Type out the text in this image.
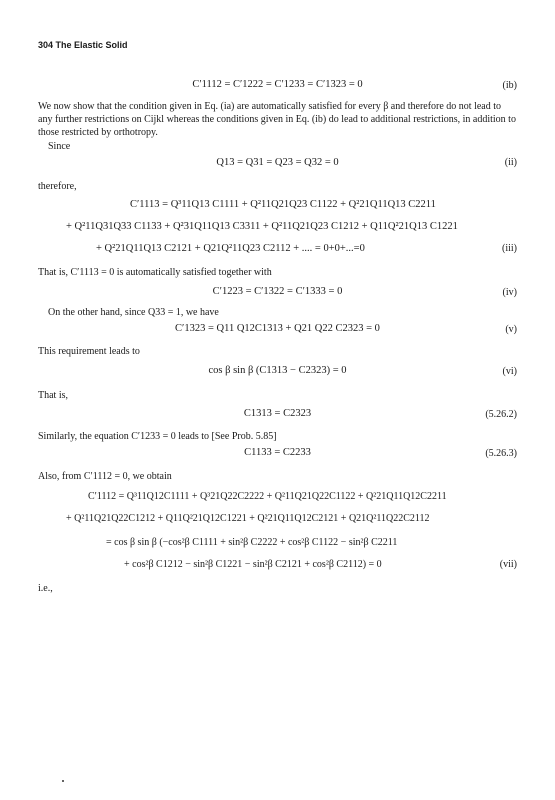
304 The Elastic Solid
C′1112 = C′1222 = C′1233 = C′1323 = 0	(ib)
We now show that the condition given in Eq. (ia) are automatically satisfied for every β and therefore do not lead to any further restrictions on Cijkl whereas the conditions given in Eq. (ib) do lead to additional restrictions, in addition to those restricted by orthotropy.
Since
Q13 = Q31 = Q23 = Q32 = 0	(ii)
therefore,
C′1113 = Q³11Q13 C1111 + Q²11Q21Q23 C1122 + Q²21Q11Q13 C2211
+ Q²11Q31Q33 C1133 + Q²31Q11Q13 C3311 + Q²11Q21Q23 C1212 + Q11Q²21Q13 C1221
+ Q²21Q11Q13 C2121 + Q21Q²11Q23 C2112 + .... = 0+0+...=0	(iii)
That is, C′1113 = 0 is automatically satisfied together with
C′1223 = C′1322 = C′1333 = 0	(iv)
On the other hand, since Q33 = 1, we have
C′1323 = Q11 Q12C1313 + Q21 Q22 C2323 = 0	(v)
This requirement leads to
cos β sin β (C1313 − C2323) = 0	(vi)
That is,
C1313 = C2323	(5.26.2)
Similarly, the equation C′1233 = 0 leads to [See Prob. 5.85]
C1133 = C2233	(5.26.3)
Also, from C′1112 = 0, we obtain
C′1112 = Q³11Q12C1111 + Q³21Q22C2222 + Q²11Q21Q22C1122 + Q²21Q11Q12C2211
+ Q²11Q21Q22C1212 + Q11Q²21Q12C1221 + Q²21Q11Q12C2121 + Q21Q²11Q22C2112
= cos β sin β (−cos²β C1111 + sin²β C2222 + cos²β C1122 − sin²β C2211
+ cos²β C1212 − sin²β C1221 − sin²β C2121 + cos²β C2112) = 0	(vii)
i.e.,
